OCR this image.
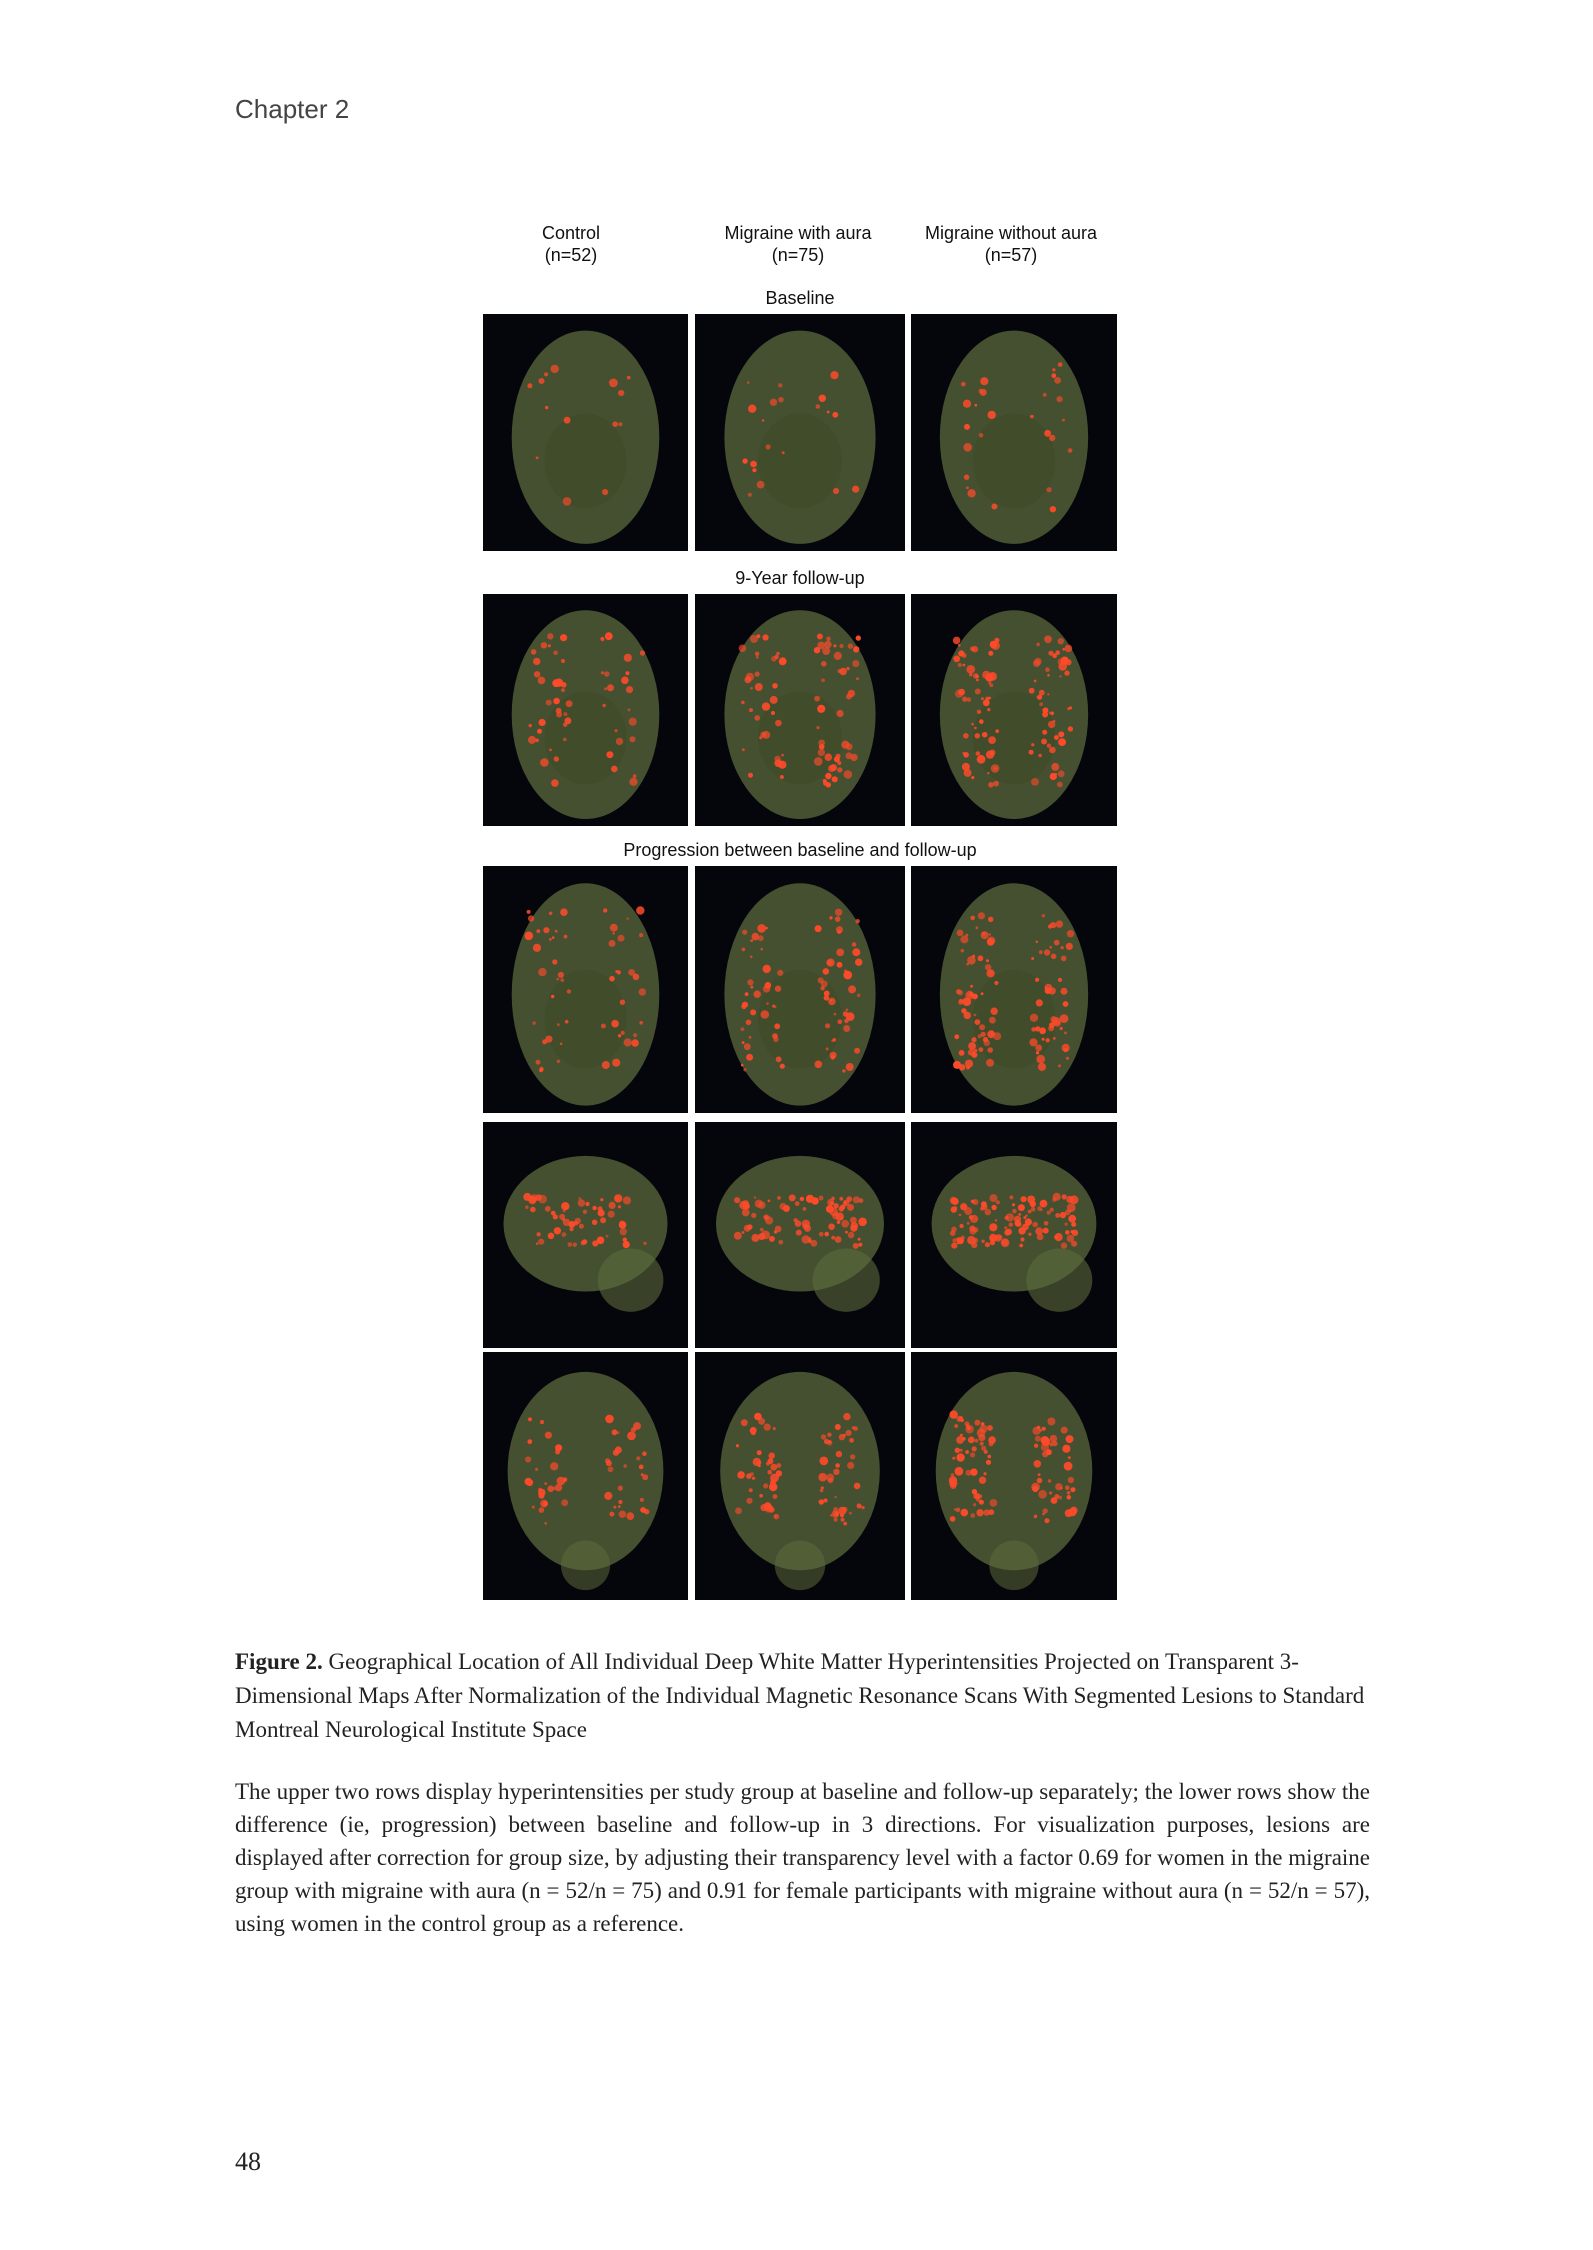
Chapter 2
Control
(n=52)
Migraine with aura
(n=75)
Migraine without aura
(n=57)
Baseline
9-Year follow-up
Progression between baseline and follow-up
Figure 2. Geographical Location of All Individual Deep White Matter Hyperintensities Projected on Transparent 3-Dimensional Maps After Normalization of the Individual Magnetic Resonance Scans With Segmented Lesions to Standard Montreal Neurological Institute Space
The upper two rows display hyperintensities per study group at baseline and follow-up separately; the lower rows show the difference (ie, progression) between baseline and follow-up in 3 directions. For visualization purposes, lesions are displayed after correction for group size, by adjusting their transparency level with a factor 0.69 for women in the migraine group with migraine with aura (n = 52/n = 75) and 0.91 for female participants with migraine without aura (n = 52/n = 57), using women in the control group as a reference.
48
